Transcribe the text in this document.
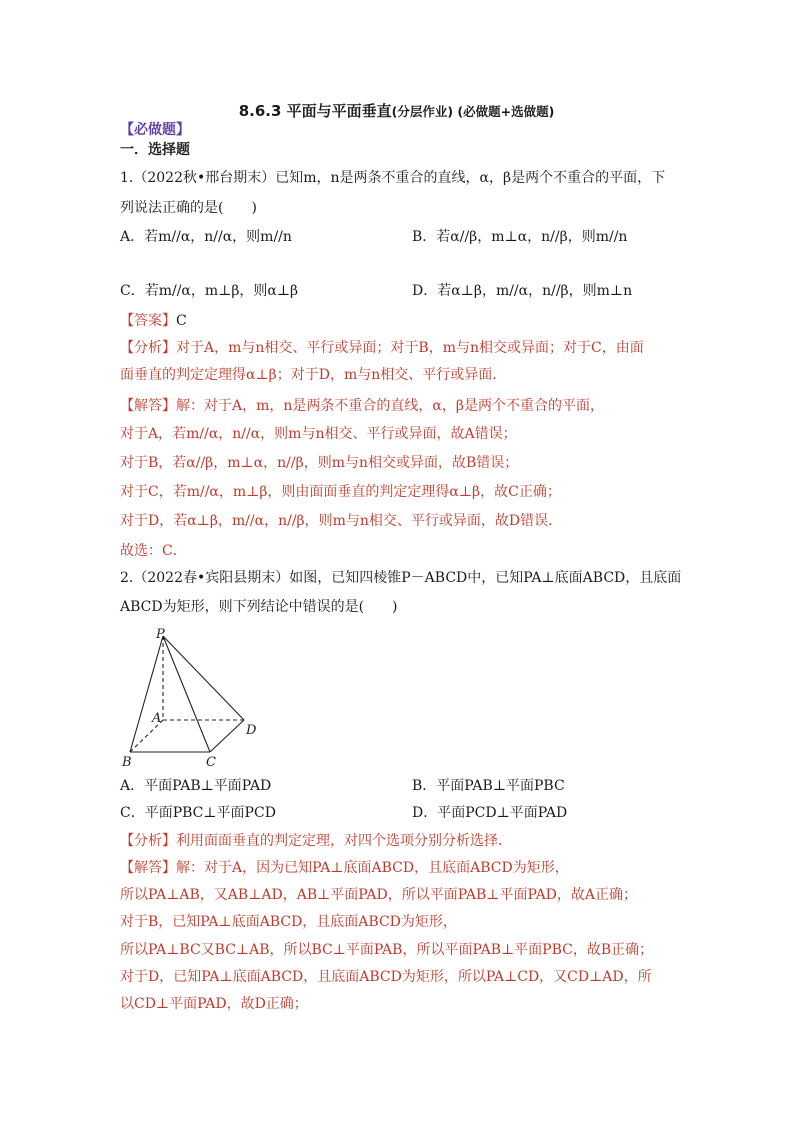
8.6.3 平面与平面垂直(分层作业) (必做题+选做题)
【必做题】
一．选择题
1.（2022秋•邢台期末）已知m，n是两条不重合的直线，α，β是两个不重合的平面，下
列说法正确的是(　　)
A．若m//α，n//α，则m//n	B．若α//β，m⊥α，n//β，则m//n
C．若m//α，m⊥β，则α⊥β	D．若α⊥β，m//α，n//β，则m⊥n
【答案】C
【分析】对于A，m与n相交、平行或异面；对于B，m与n相交或异面；对于C，由面
面垂直的判定定理得α⊥β；对于D，m与n相交、平行或异面．
【解答】解：对于A，m，n是两条不重合的直线，α，β是两个不重合的平面，
对于A，若m//α，n//α，则m与n相交、平行或异面，故A错误；
对于B，若α//β，m⊥α，n//β，则m与n相交或异面，故B错误；
对于C，若m//α，m⊥β，则由面面垂直的判定定理得α⊥β，故C正确；
对于D，若α⊥β，m//α，n//β，则m与n相交、平行或异面，故D错误．
故选：C．
2.（2022春•宾阳县期末）如图，已知四棱锥P－ABCD中，已知PA⊥底面ABCD，且底面
ABCD为矩形，则下列结论中错误的是(　　)
P
A
B	C
D
A．平面PAB⊥平面PAD	B．平面PAB⊥平面PBC
C．平面PBC⊥平面PCD	D．平面PCD⊥平面PAD
【分析】利用面面垂直的判定定理，对四个选项分别分析选择．
【解答】解：对于A，因为已知PA⊥底面ABCD，且底面ABCD为矩形，
所以PA⊥AB，又AB⊥AD，AB⊥平面PAD，所以平面PAB⊥平面PAD，故A正确；
对于B，已知PA⊥底面ABCD，且底面ABCD为矩形，
所以PA⊥BC又BC⊥AB，所以BC⊥平面PAB，所以平面PAB⊥平面PBC，故B正确；
对于D，已知PA⊥底面ABCD，且底面ABCD为矩形，所以PA⊥CD，又CD⊥AD，所
以CD⊥平面PAD，故D正确；
